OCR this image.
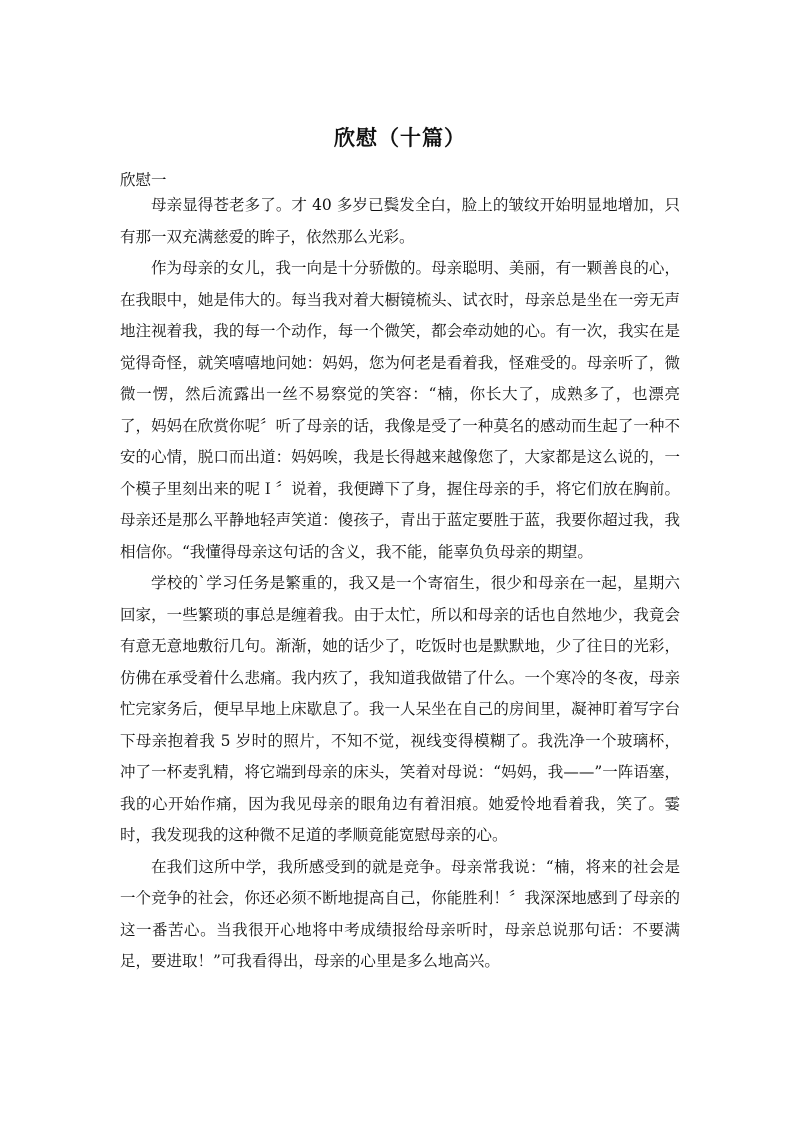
欣慰（十篇）
欣慰一

母亲显得苍老多了。才 40 多岁已鬓发全白，脸上的皱纹开始明显地增加，只有那一双充满慈爱的眸子，依然那么光彩。

作为母亲的女儿，我一向是十分骄傲的。母亲聪明、美丽，有一颗善良的心，在我眼中，她是伟大的。每当我对着大橱镜梳头、试衣时，母亲总是坐在一旁无声地注视着我，我的每一个动作，每一个微笑，都会牵动她的心。有一次，我实在是觉得奇怪，就笑嘻嘻地问她：妈妈，您为何老是看着我，怪难受的。母亲听了，微微一愣，然后流露出一丝不易察觉的笑容：“楠，你长大了，成熟多了，也漂亮了，妈妈在欣赏你呢〞听了母亲的话，我像是受了一种莫名的感动而生起了一种不安的心情，脱口而出道：妈妈唉，我是长得越来越像您了，大家都是这么说的，一个模子里刻出来的呢Ｉ〞说着，我便蹲下了身，握住母亲的手，将它们放在胸前。母亲还是那么平静地轻声笑道：傻孩子，青出于蓝定要胜于蓝，我要你超过我，我相信你。“我懂得母亲这句话的含义，我不能，能辜负负母亲的期望。

学校的`学习任务是繁重的，我又是一个寄宿生，很少和母亲在一起，星期六回家，一些繁琐的事总是缠着我。由于太忙，所以和母亲的话也自然地少，我竟会有意无意地敷衍几句。渐渐，她的话少了，吃饭时也是默默地，少了往日的光彩，仿佛在承受着什么悲痛。我内疚了，我知道我做错了什么。一个寒冷的冬夜，母亲忙完家务后，便早早地上床歇息了。我一人呆坐在自己的房间里，凝神盯着写字台下母亲抱着我 5 岁时的照片，不知不觉，视线变得模糊了。我洗净一个玻璃杯，冲了一杯麦乳精，将它端到母亲的床头，笑着对母说：“妈妈，我——”一阵语塞，我的心开始作痛，因为我见母亲的眼角边有着泪痕。她爱怜地看着我，笑了。霎时，我发现我的这种微不足道的孝顺竟能宽慰母亲的心。

在我们这所中学，我所感受到的就是竞争。母亲常我说：“楠，将来的社会是一个竞争的社会，你还必须不断地提高自己，你能胜利！〞我深深地感到了母亲的这一番苦心。当我很开心地将中考成绩报给母亲听时，母亲总说那句话：不要满足，要进取！”可我看得出，母亲的心里是多么地高兴。
